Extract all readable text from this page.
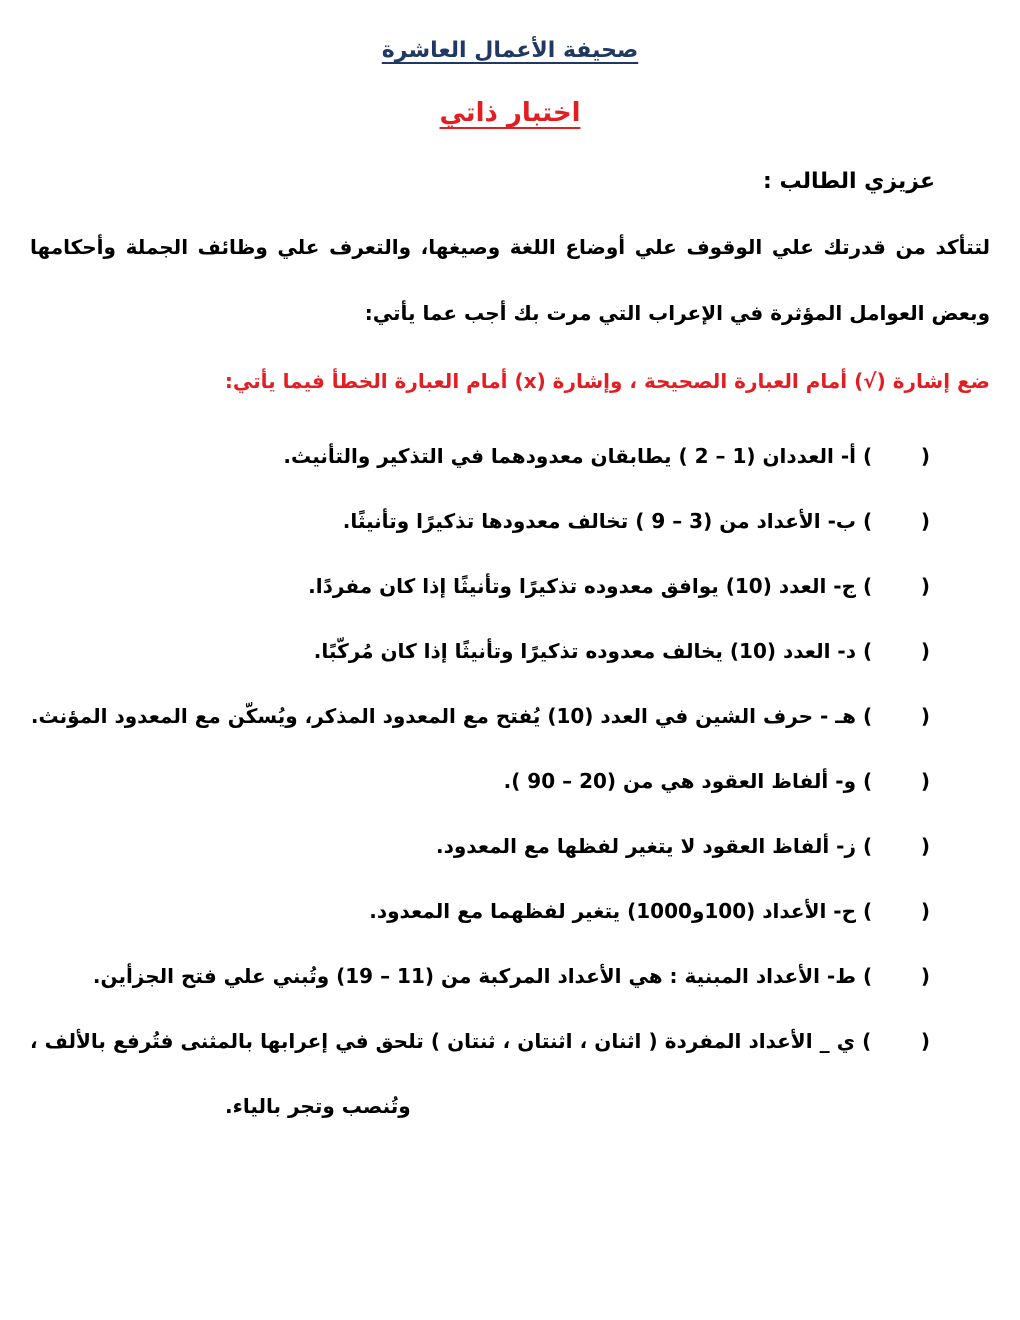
صحيفة الأعمال العاشرة
اختبار ذاتي
عزيزي الطالب :
لتتأكد من قدرتك علي الوقوف علي أوضاع اللغة وصيغها، والتعرف علي وظائف الجملة وأحكامها
وبعض العوامل المؤثرة في الإعراب التي مرت بك أجب عما يأتي:
ضع إشارة (√) أمام العبارة الصحيحة ، وإشارة (x) أمام العبارة الخطأ فيما يأتي:
(       ) أ- العددان (1 – 2 ) يطابقان معدودهما في التذكير والتأنيث.
(       ) ب- الأعداد من (3 – 9 ) تخالف معدودها تذكيرًا وتأنيثًا.
(       ) ج- العدد (10) يوافق معدوده تذكيرًا وتأنيثًا إذا كان مفردًا.
(       ) د- العدد (10) يخالف معدوده تذكيرًا وتأنيثًا إذا كان مُركّبًا.
(       ) هـ - حرف الشين في العدد (10) يُفتح مع المعدود المذكر، ويُسكّن مع المعدود المؤنث.
(       ) و- ألفاظ العقود هي من (20 – 90 ).
(       ) ز- ألفاظ العقود لا يتغير لفظها مع المعدود.
(       ) ح- الأعداد (100و1000) يتغير لفظهما مع المعدود.
(       ) ط- الأعداد المبنية : هي الأعداد المركبة من (11 – 19) وتُبني علي فتح الجزأين.
(       ) ي _ الأعداد المفردة ( اثنان ، اثنتان ، ثنتان ) تلحق في إعرابها بالمثنى فتُرفع بالألف ،
وتُنصب وتجر بالياء.
